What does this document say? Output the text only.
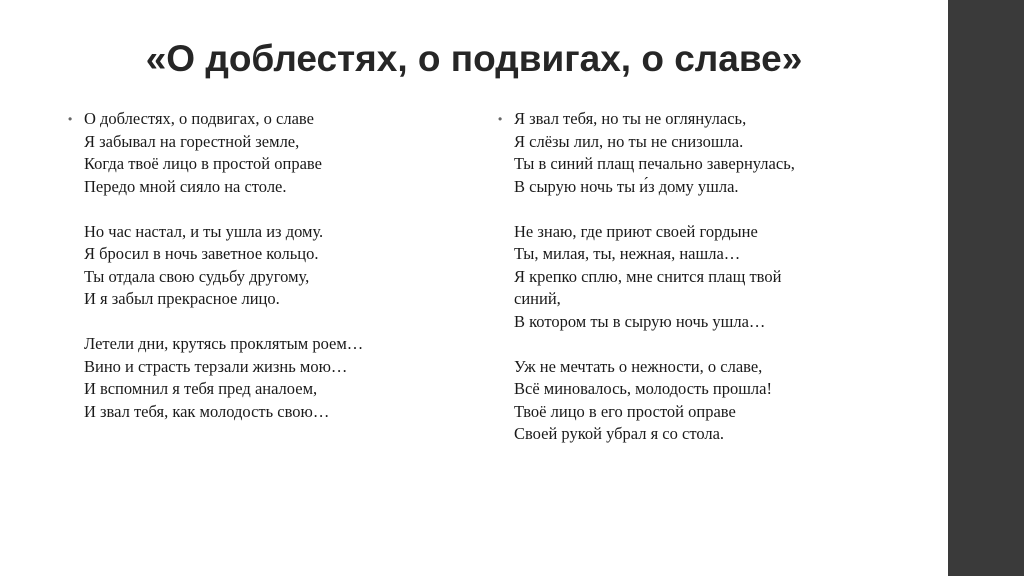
«О доблестях, о подвигах, о славе»
• О доблестях, о подвигах, о славе
Я забывал на горестной земле,
Когда твоё лицо в простой оправе
Передо мной сияло на столе.
Но час настал, и ты ушла из дому.
Я бросил в ночь заветное кольцо.
Ты отдала свою судьбу другому,
И я забыл прекрасное лицо.
Летели дни, крутясь проклятым роем…
Вино и страсть терзали жизнь мою…
И вспомнил я тебя пред аналоем,
И звал тебя, как молодость свою…
• Я звал тебя, но ты не оглянулась,
Я слёзы лил, но ты не снизошла.
Ты в синий плащ печально завернулась,
В сырую ночь ты и́з дому ушла.
Не знаю, где приют своей гордыне
Ты, милая, ты, нежная, нашла…
Я крепко сплю, мне снится плащ твой
синий,
В котором ты в сырую ночь ушла…
Уж не мечтать о нежности, о славе,
Всё миновалось, молодость прошла!
Твоё лицо в его простой оправе
Своей рукой убрал я со стола.
